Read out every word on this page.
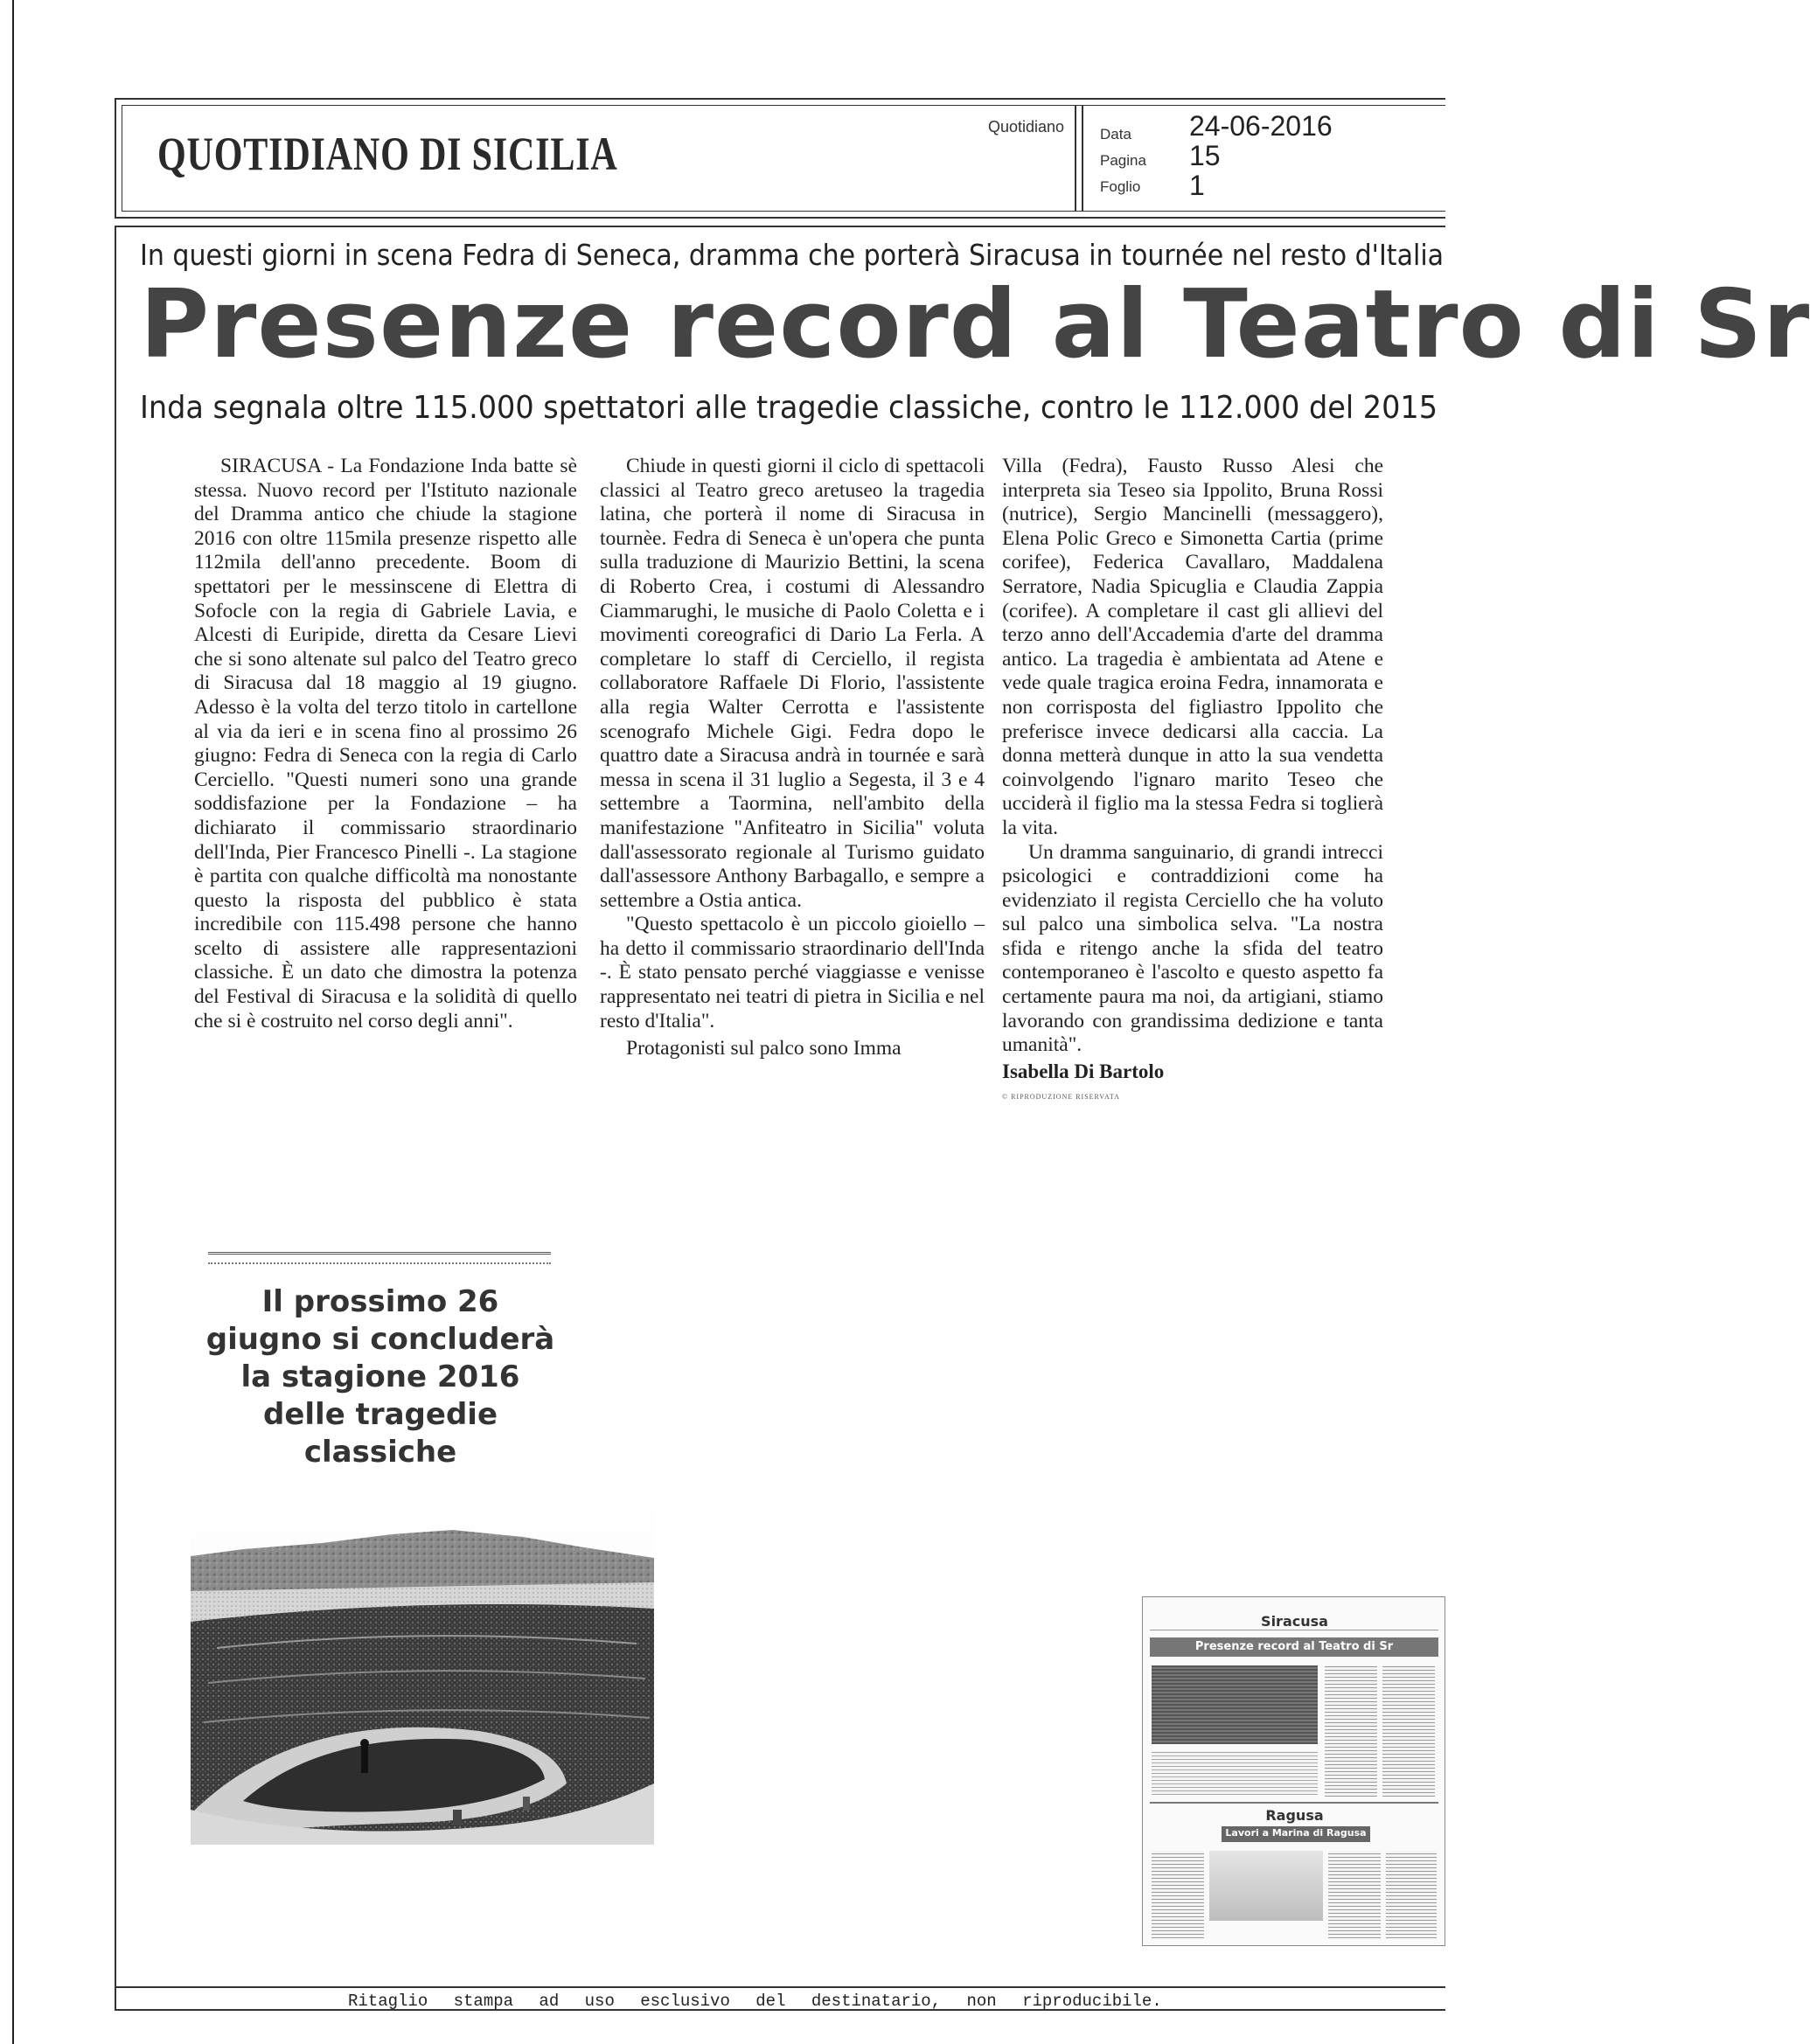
QUOTIDIANO DI SICILIA
Quotidiano Data
Pagina
Foglio
24-06-2016
15
1
In questi giorni in scena Fedra di Seneca, dramma che porterà Siracusa in tournée nel resto d'Italia
Presenze record al Teatro di Sr
Inda segnala oltre 115.000 spettatori alle tragedie classiche, contro le 112.000 del 2015

SIRACUSA - La Fondazione Inda batte sè stessa. Nuovo record per l'Istituto nazionale del Dramma antico che chiude la stagione 2016 con oltre 115mila presenze rispetto alle 112mila dell'anno precedente. Boom di spettatori per le messinscene di Elettra di Sofocle con la regia di Gabriele Lavia, e Alcesti di Euripide, diretta da Cesare Lievi che si sono altenate sul palco del Teatro greco di Siracusa dal 18 maggio al 19 giugno. Adesso è la volta del terzo titolo in cartellone al via da ieri e in scena fino al prossimo 26 giugno: Fedra di Seneca con la regia di Carlo Cerciello. "Questi numeri sono una grande soddisfazione per la Fondazione – ha dichiarato il commissario straordinario dell'Inda, Pier Francesco Pinelli -. La stagione è partita con qualche difficoltà ma nonostante questo la risposta del pubblico è stata incredibile con 115.498 persone che hanno scelto di assistere alle rappresentazioni classiche. È un dato che dimostra la potenza del Festival di Siracusa e la solidità di quello che si è costruito nel corso degli anni".

Chiude in questi giorni il ciclo di spettacoli classici al Teatro greco aretuseo la tragedia latina, che porterà il nome di Siracusa in tournèe. Fedra di Seneca è un'opera che punta sulla traduzione di Maurizio Bettini, la scena di Roberto Crea, i costumi di Alessandro Ciammarughi, le musiche di Paolo Coletta e i movimenti coreografici di Dario La Ferla. A completare lo staff di Cerciello, il regista collaboratore Raffaele Di Florio, l'assistente alla regia Walter Cerrotta e l'assistente scenografo Michele Gigi. Fedra dopo le quattro date a Siracusa andrà in tournée e sarà messa in scena il 31 luglio a Segesta, il 3 e 4 settembre a Taormina, nell'ambito della manifestazione "Anfiteatro in Sicilia" voluta dall'assessorato regionale al Turismo guidato dall'assessore Anthony Barbagallo, e sempre a settembre a Ostia antica.

"Questo spettacolo è un piccolo gioiello – ha detto il commissario straordinario dell'Inda -. È stato pensato perché viaggiasse e venisse rappresentato nei teatri di pietra in Sicilia e nel resto d'Italia".

Protagonisti sul palco sono Imma

Villa (Fedra), Fausto Russo Alesi che interpreta sia Teseo sia Ippolito, Bruna Rossi (nutrice), Sergio Mancinelli (messaggero), Elena Polic Greco e Simonetta Cartia (prime corifee), Federica Cavallaro, Maddalena Serratore, Nadia Spicuglia e Claudia Zappia (corifee). A completare il cast gli allievi del terzo anno dell'Accademia d'arte del dramma antico. La tragedia è ambientata ad Atene e vede quale tragica eroina Fedra, innamorata e non corrisposta del figliastro Ippolito che preferisce invece dedicarsi alla caccia. La donna metterà dunque in atto la sua vendetta coinvolgendo l'ignaro marito Teseo che ucciderà il figlio ma la stessa Fedra si toglierà la vita.

Un dramma sanguinario, di grandi intrecci psicologici e contraddizioni come ha evidenziato il regista Cerciello che ha voluto sul palco una simbolica selva. "La nostra sfida e ritengo anche la sfida del teatro contemporaneo è l'ascolto e questo aspetto fa certamente paura ma noi, da artigiani, stiamo lavorando con grandissima dedizione e tanta umanità".

Isabella Di Bartolo
© RIPRODUZIONE RISERVATA
Il prossimo 26 giugno si concluderà la stagione 2016 delle tragedie classiche
Siracusa
Presenze record al Teatro di Sr
Ragusa
Lavori a Marina di Ragusa
Ritaglio stampa ad uso esclusivo del destinatario, non riproducibile.
